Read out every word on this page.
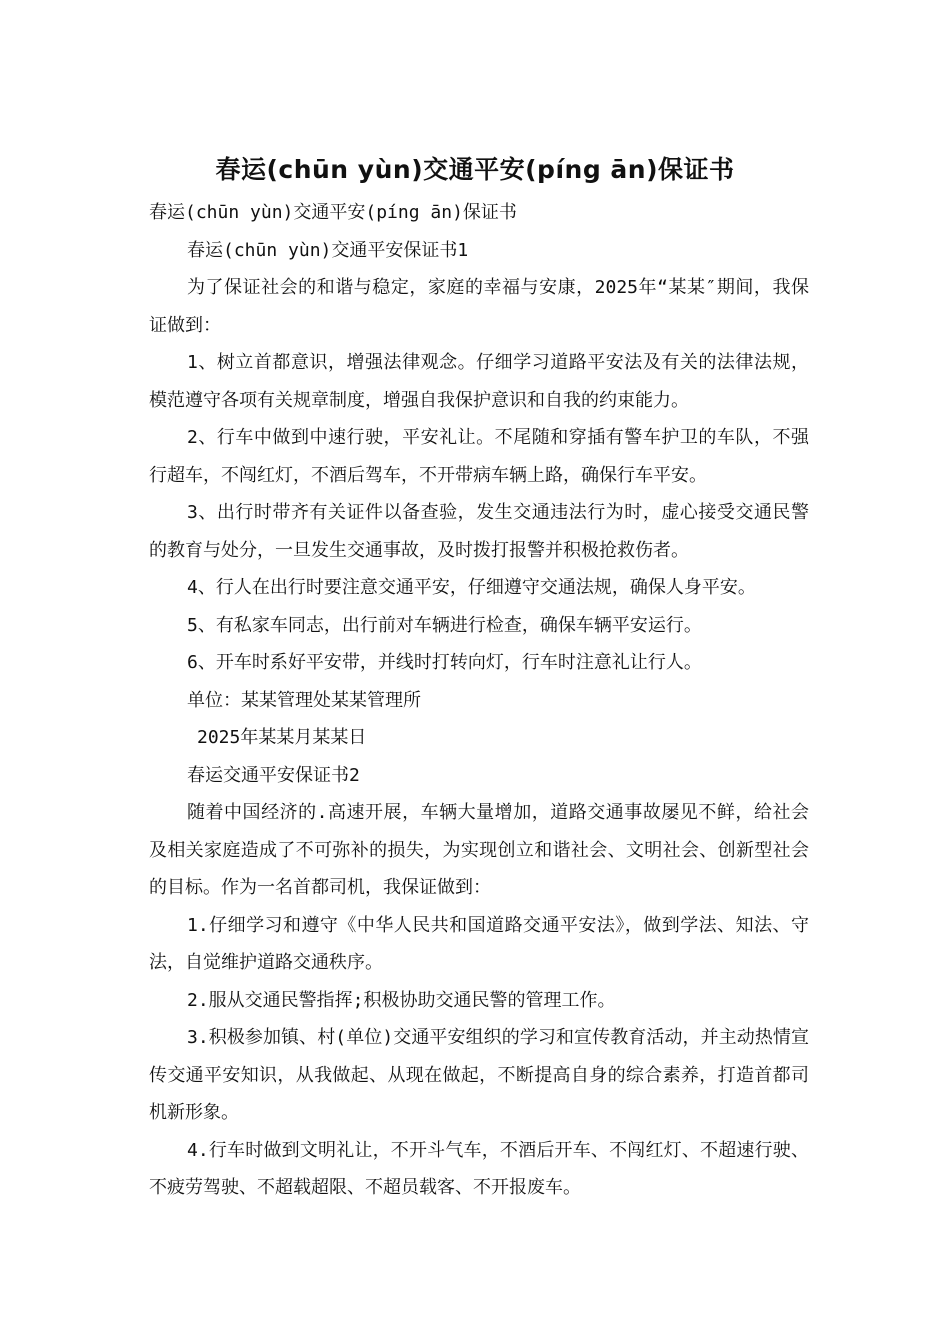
春运(chūn yùn)交通平安(píng ān)保证书

春运(chūn yùn)交通平安(píng ān)保证书

春运(chūn yùn)交通平安保证书1

为了保证社会的和谐与稳定，家庭的幸福与安康，2025年“某某″期间，我保证做到：

1、树立首都意识，增强法律观念。仔细学习道路平安法及有关的法律法规，模范遵守各项有关规章制度，增强自我保护意识和自我的约束能力。

2、行车中做到中速行驶，平安礼让。不尾随和穿插有警车护卫的车队，不强行超车，不闯红灯，不酒后驾车，不开带病车辆上路，确保行车平安。

3、出行时带齐有关证件以备查验，发生交通违法行为时，虚心接受交通民警的教育与处分，一旦发生交通事故，及时拨打报警并积极抢救伤者。

4、行人在出行时要注意交通平安，仔细遵守交通法规，确保人身平安。

5、有私家车同志，出行前对车辆进行检查，确保车辆平安运行。

6、开车时系好平安带，并线时打转向灯，行车时注意礼让行人。

单位：某某管理处某某管理所

2025年某某月某某日

春运交通平安保证书2

随着中国经济的.高速开展，车辆大量增加，道路交通事故屡见不鲜，给社会及相关家庭造成了不可弥补的损失，为实现创立和谐社会、文明社会、创新型社会的目标。作为一名首都司机，我保证做到：

1.仔细学习和遵守《中华人民共和国道路交通平安法》，做到学法、知法、守法，自觉维护道路交通秩序。

2.服从交通民警指挥;积极协助交通民警的管理工作。

3.积极参加镇、村(单位)交通平安组织的学习和宣传教育活动，并主动热情宣传交通平安知识，从我做起、从现在做起，不断提高自身的综合素养，打造首都司机新形象。

4.行车时做到文明礼让，不开斗气车，不酒后开车、不闯红灯、不超速行驶、不疲劳驾驶、不超载超限、不超员载客、不开报废车。
